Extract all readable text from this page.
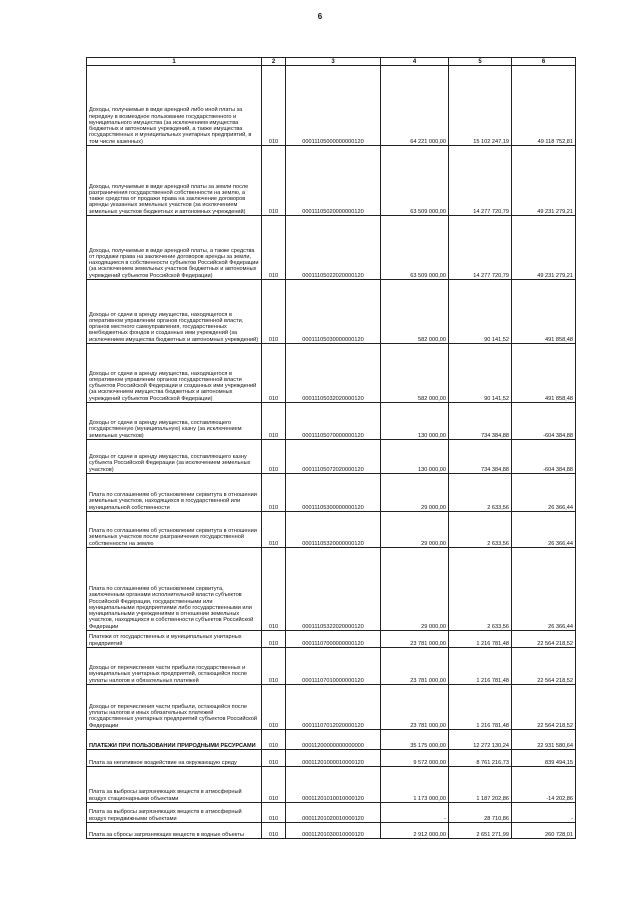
6
1	2	3	4	5	6
Доходы, получаемые в виде арендной либо иной платы за передачу в возмездное пользование государственного и муниципального имущества (за исключением имущества бюджетных и автономных учреждений, а также имущества государственных и муниципальных унитарных предприятий, в том числе казенных)	010	00011105000000000120	64 221 000,00	15 102 247,19	49 118 752,81
Доходы, получаемые в виде арендной платы за земли после разграничения государственной собственности на землю, а также средства от продажи права на заключение договоров аренды указанных земельных участков (за исключением земельных участков бюджетных и автономных учреждений)	010	00011105020000000120	63 509 000,00	14 277 720,79	49 231 279,21
Доходы, получаемые в виде арендной платы, а также средства от продажи права на заключение договоров аренды за земли, находящиеся в собственности субъектов Российской Федерации (за исключением земельных участков бюджетных и автономных учреждений субъектов Российской Федерации)	010	00011105022020000120	63 509 000,00	14 277 720,79	49 231 279,21
Доходы от сдачи в аренду имущества, находящегося в оперативном управлении органов государственной власти, органов местного самоуправления, государственных внебюджетных фондов и созданных ими учреждений (за исключением имущества бюджетных и автономных учреждений)	010	00011105030000000120	582 000,00	90 141,52	491 858,48
Доходы от сдачи в аренду имущества, находящегося в оперативном управлении органов государственной власти субъектов Российской Федерации и созданных ими учреждений (за исключением имущества бюджетных и автономных учреждений субъектов Российской Федерации)	010	00011105032020000120	582 000,00	90 141,52	491 858,48
Доходы от сдачи в аренду имущества, составляющего государственную (муниципальную) казну (за исключением земельных участков)	010	00011105070000000120	130 000,00	734 384,88	-604 384,88
Доходы от сдачи в аренду имущества, составляющего казну субъекта Российской Федерации (за исключением земельных участков)	010	00011105072020000120	130 000,00	734 384,88	-604 384,88
Плата по соглашениям об установлении сервитута в отношении земельных участков, находящихся в государственной или муниципальной собственности	010	00011105300000000120	29 000,00	2 633,56	26 366,44
Плата по соглашениям об установлении сервитута в отношении земельных участков после разграничения государственной собственности на землю	010	00011105320000000120	29 000,00	2 633,56	26 366,44
Плата по соглашениям об установлении сервитута, заключенным органами исполнительной власти субъектов Российской Федерации, государственными или муниципальными предприятиями либо государственными или муниципальными учреждениями в отношении земельных участков, находящихся в собственности субъектов Российской Федерации	010	00011105322020000120	29 000,00	2 633,56	26 366,44
Платежи от государственных и муниципальных унитарных предприятий	010	00011107000000000120	23 781 000,00	1 216 781,48	22 564 218,52
Доходы от перечисления части прибыли государственных и муниципальных унитарных предприятий, остающейся после уплаты налогов и обязательных платежей	010	00011107010000000120	23 781 000,00	1 216 781,48	22 564 218,52
Доходы от перечисления части прибыли, остающейся после уплаты налогов и иных обязательных платежей государственных унитарных предприятий субъектов Российской Федерации	010	00011107012020000120	23 781 000,00	1 216 781,48	22 564 218,52
ПЛАТЕЖИ ПРИ ПОЛЬЗОВАНИИ ПРИРОДНЫМИ РЕСУРСАМИ	010	00011200000000000000	35 175 000,00	12 272 130,24	22 931 580,64
Плата за негативное воздействие на окружающую среду	010	00011201000010000120	9 572 000,00	8 761 216,73	839 494,15
Плата за выбросы загрязняющих веществ в атмосферный воздух стационарными объектами	010	00011201010010000120	1 173 000,00	1 187 202,86	-14 202,86
Плата за выбросы загрязняющих веществ в атмосферный воздух передвижными объектами	010	00011201020010000120	-	28 710,86	-
Плата за сбросы загрязняющих веществ в водные объекты	010	00011201030010000120	2 912 000,00	2 651 271,99	260 728,01
